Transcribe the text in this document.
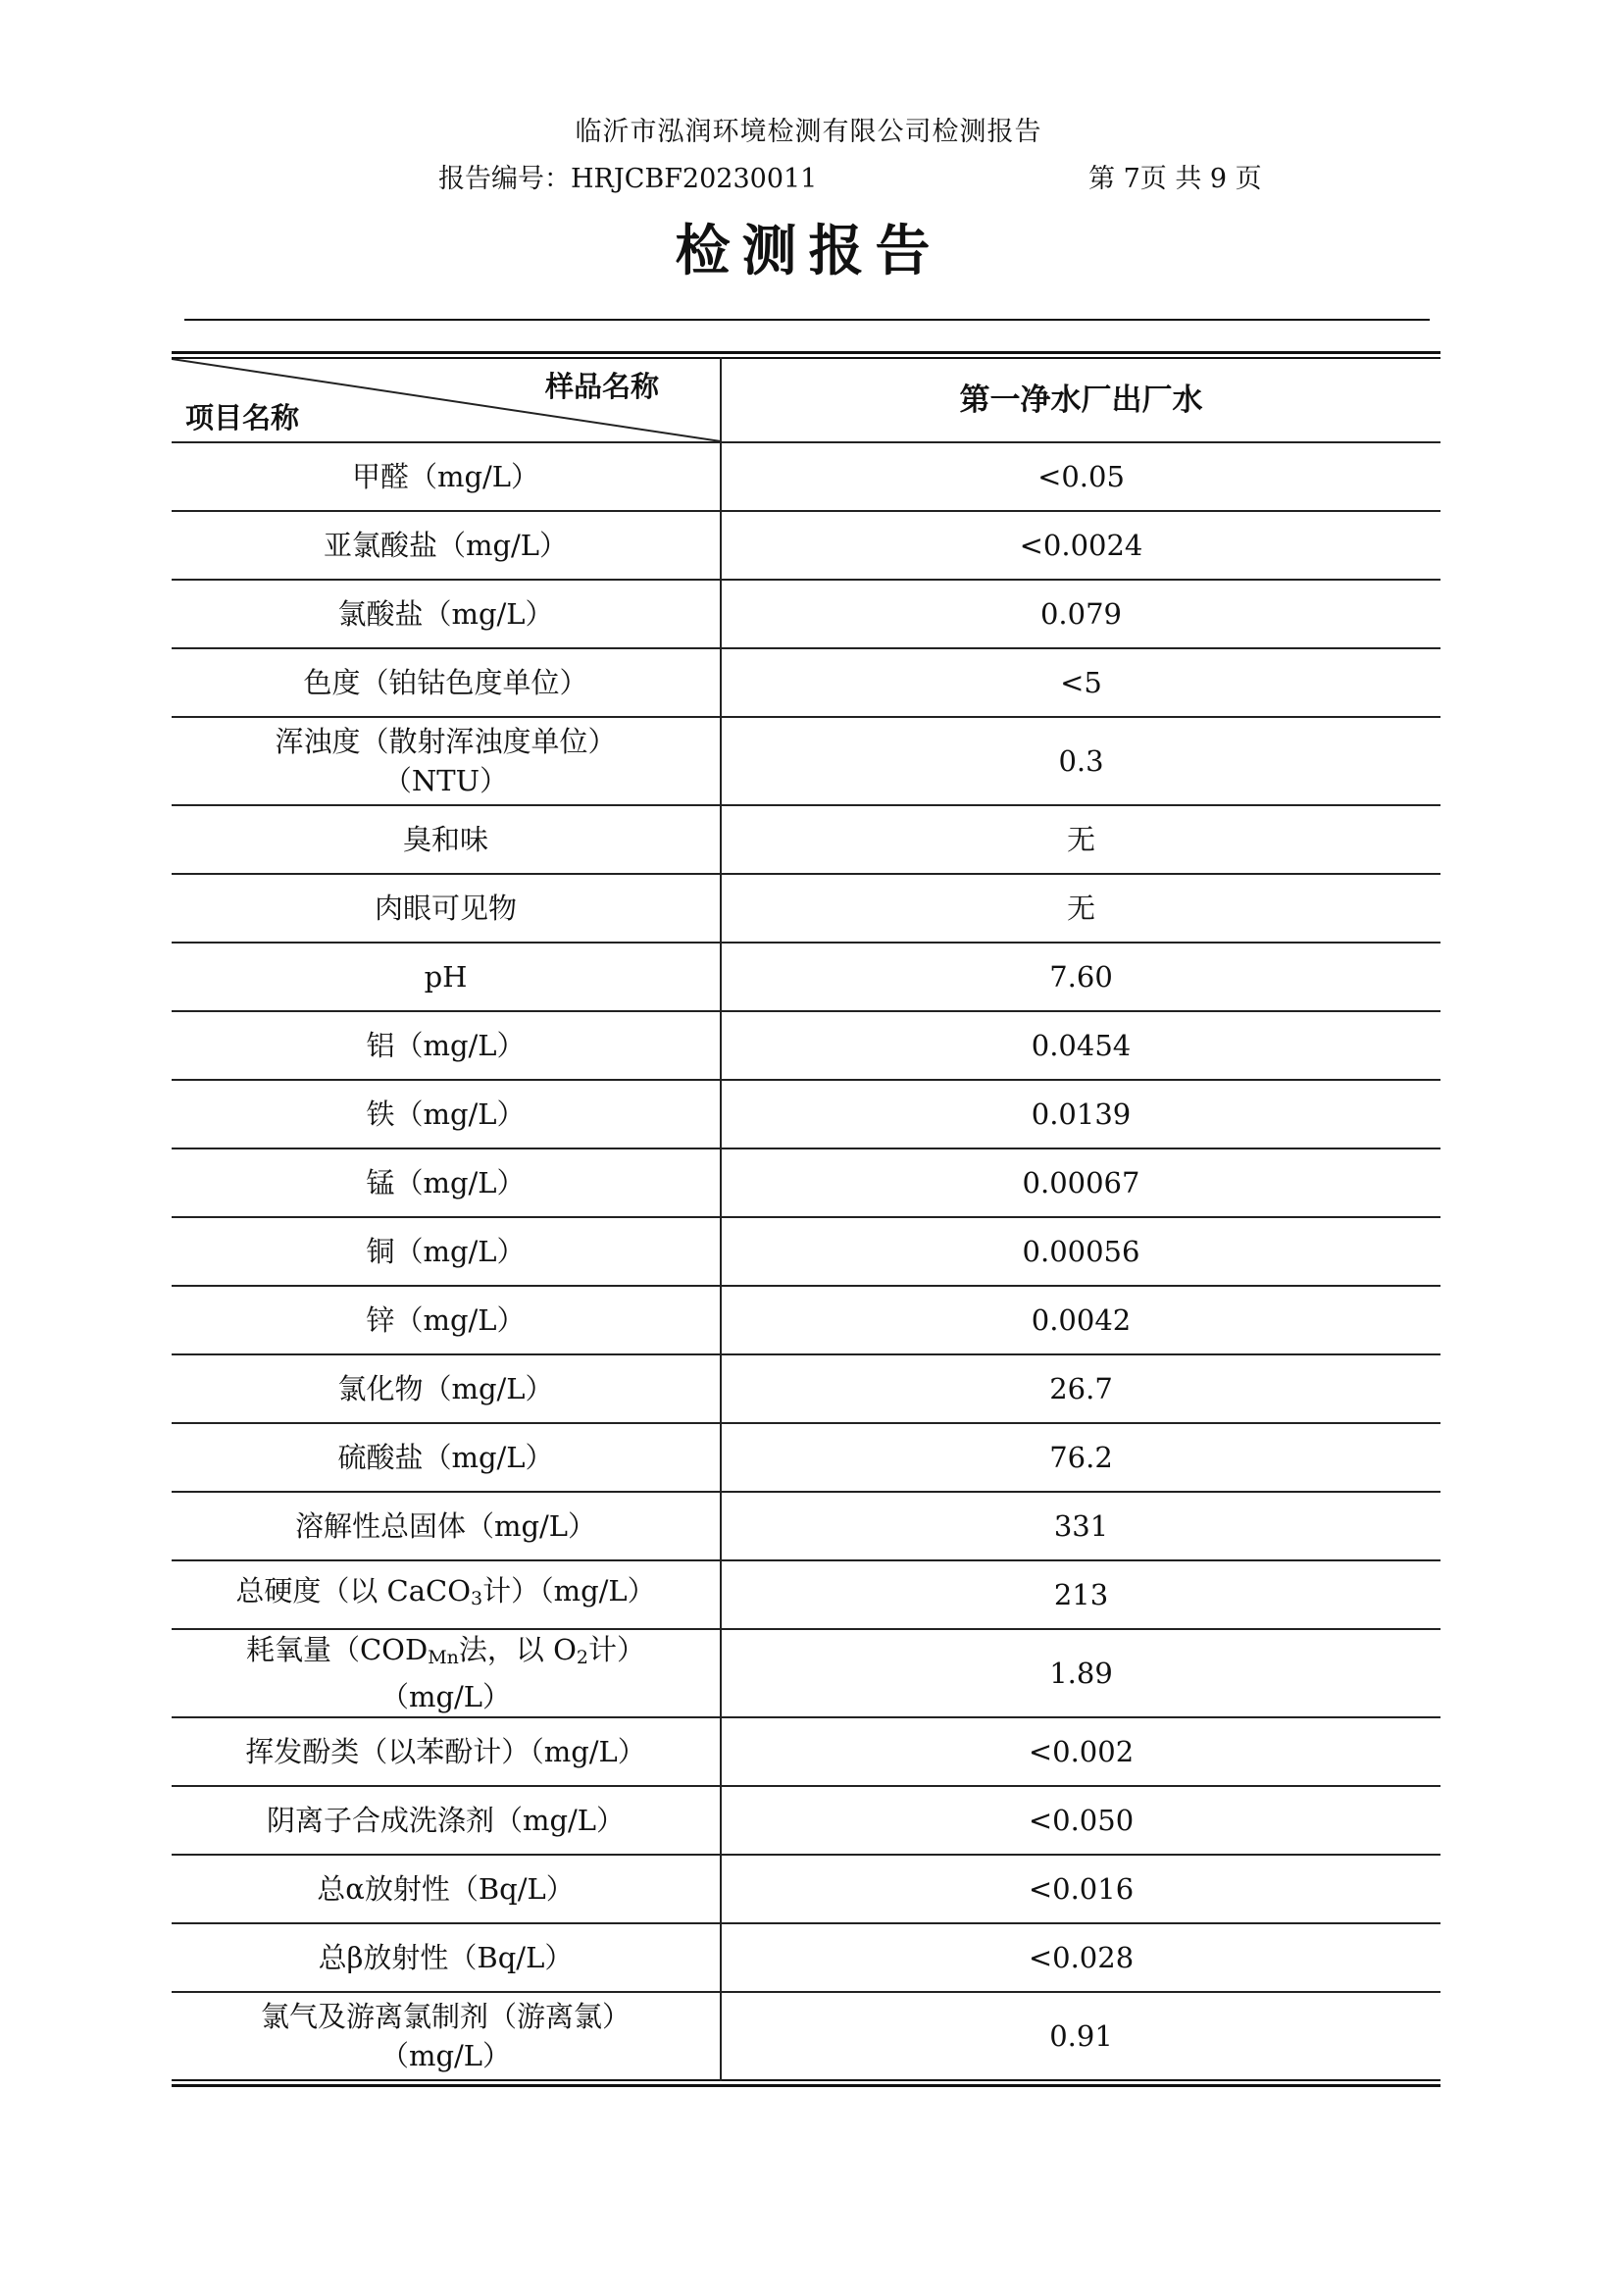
临沂市泓润环境检测有限公司检测报告
报告编号：HRJCBF20230011	第 7页 共 9 页
检测报告
样品名称
项目名称	第一净水厂出厂水
甲醛（mg/L）	<0.05
亚氯酸盐（mg/L）	<0.0024
氯酸盐（mg/L）	0.079
色度（铂钴色度单位）	<5

浑浊度（散射浑浊度单位）
（NTU）	0.3
臭和味	无
肉眼可见物	无
pH	7.60
铝（mg/L）	0.0454
铁（mg/L）	0.0139
锰（mg/L）	0.00067
铜（mg/L）	0.00056
锌（mg/L）	0.0042
氯化物（mg/L）	26.7
硫酸盐（mg/L）	76.2
溶解性总固体（mg/L）	331
总硬度（以 CaCO$_3$计）（mg/L）	213

耗氧量（$COD_{Mn}$法，以 $O_2$计）
（mg/L）	1.89
挥发酚类（以苯酚计）（mg/L）	<0.002
阴离子合成洗涤剂（mg/L）	<0.050
总α放射性（Bq/L）	<0.016
总β放射性（Bq/L）	<0.028

氯气及游离氯制剂（游离氯）
（mg/L）	0.91
